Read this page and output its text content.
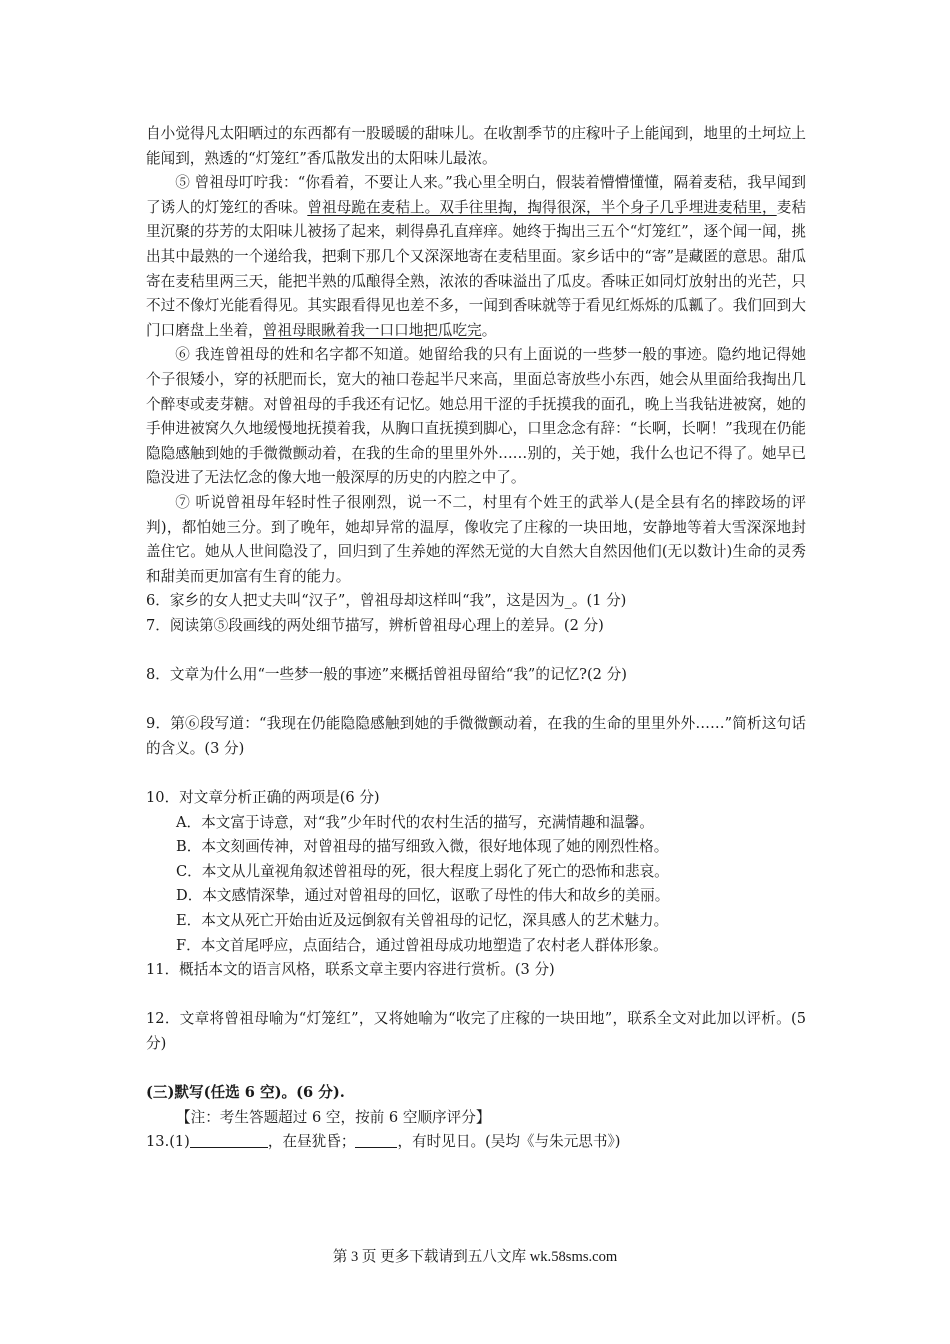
自小觉得凡太阳晒过的东西都有一股暖暖的甜味儿。在收割季节的庄稼叶子上能闻到，地里的土坷垃上能闻到，熟透的“灯笼红”香瓜散发出的太阳味儿最浓。

⑤ 曾祖母叮咛我：“你看着，不要让人来。”我心里全明白，假装着懵懵懂懂，隔着麦秸，我早闻到了诱人的灯笼红的香味。曾祖母跪在麦秸上。双手往里掏，掏得很深，半个身子几乎埋进麦秸里，麦秸里沉聚的芬芳的太阳味儿被扬了起来，刺得鼻孔直痒痒。她终于掏出三五个“灯笼红”，逐个闻一闻，挑出其中最熟的一个递给我，把剩下那几个又深深地寄在麦秸里面。家乡话中的“寄”是藏匿的意思。甜瓜寄在麦秸里两三天，能把半熟的瓜酿得全熟，浓浓的香味溢出了瓜皮。香味正如同灯放射出的光芒，只不过不像灯光能看得见。其实跟看得见也差不多，一闻到香味就等于看见红烁烁的瓜瓤了。我们回到大门口磨盘上坐着，曾祖母眼瞅着我一口口地把瓜吃完。

⑥ 我连曾祖母的姓和名字都不知道。她留给我的只有上面说的一些梦一般的事迹。隐约地记得她个子很矮小，穿的袄肥而长，宽大的袖口卷起半尺来高，里面总寄放些小东西，她会从里面给我掏出几个醉枣或麦芽糖。对曾祖母的手我还有记忆。她总用干涩的手抚摸我的面孔，晚上当我钻进被窝，她的手伸进被窝久久地缓慢地抚摸着我，从胸口直抚摸到脚心，口里念念有辞：“长啊，长啊！”我现在仍能隐隐感触到她的手微微颤动着，在我的生命的里里外外……别的，关于她，我什么也记不得了。她早已隐没进了无法忆念的像大地一般深厚的历史的内腔之中了。

⑦ 听说曾祖母年轻时性子很刚烈，说一不二，村里有个姓王的武举人(是全县有名的摔跤场的评判)，都怕她三分。到了晚年，她却异常的温厚，像收完了庄稼的一块田地，安静地等着大雪深深地封盖住它。她从人世间隐没了，回归到了生养她的浑然无觉的大自然大自然因他们(无以数计)生命的灵秀和甜美而更加富有生育的能力。

6．家乡的女人把丈夫叫“汉子”，曾祖母却这样叫“我”，这是因为_。(1 分)

7．阅读第⑤段画线的两处细节描写，辨析曾祖母心理上的差异。(2 分)

8．文章为什么用“一些梦一般的事迹”来概括曾祖母留给“我”的记忆?(2 分)

9．第⑥段写道：“我现在仍能隐隐感触到她的手微微颤动着，在我的生命的里里外外……”简析这句话的含义。(3 分)

10．对文章分析正确的两项是(6 分)

A．本文富于诗意，对“我”少年时代的农村生活的描写，充满情趣和温馨。

B．本文刻画传神，对曾祖母的描写细致入微，很好地体现了她的刚烈性格。

C．本文从儿童视角叙述曾祖母的死，很大程度上弱化了死亡的恐怖和悲哀。

D．本文感情深挚，通过对曾祖母的回忆，讴歌了母性的伟大和故乡的美丽。

E．本文从死亡开始由近及远倒叙有关曾祖母的记忆，深具感人的艺术魅力。

F．本文首尾呼应，点面结合，通过曾祖母成功地塑造了农村老人群体形象。

11．概括本文的语言风格，联系文章主要内容进行赏析。(3 分)

12．文章将曾祖母喻为“灯笼红”，又将她喻为“收完了庄稼的一块田地”，联系全文对此加以评析。(5 分)

(三)默写(任选 6 空)。(6 分).

【注：考生答题超过 6 空，按前 6 空顺序评分】

13.(1)	，在昼犹昏；	，有时见日。(吴均《与朱元思书》)

第 3 页 更多下载请到五八文库 wk.58sms.com
